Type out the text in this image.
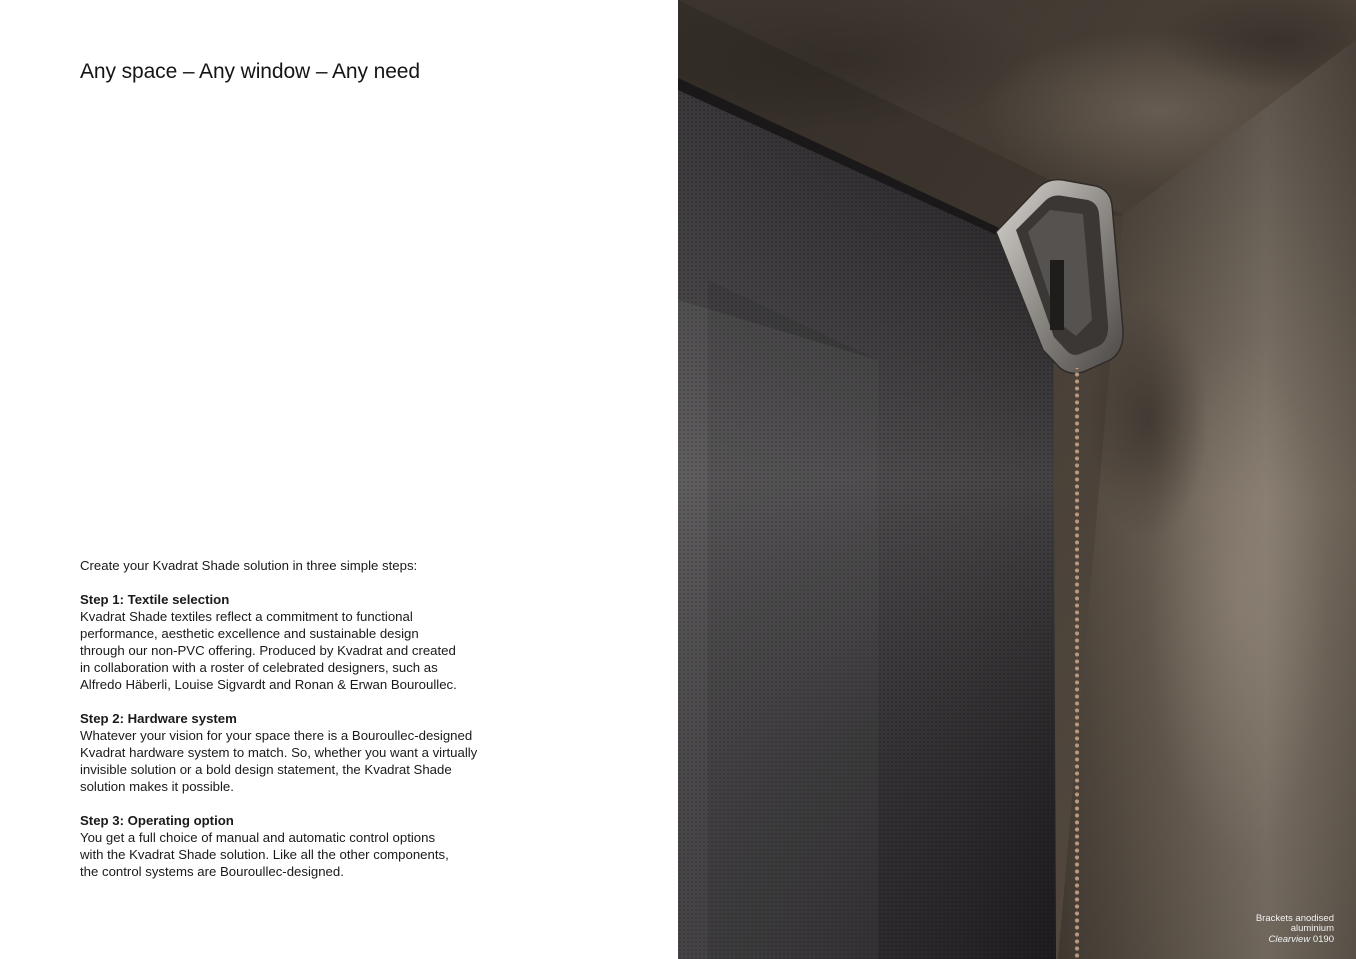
Any space – Any window – Any need

Create your Kvadrat Shade solution in three simple steps:

Step 1: Textile selection
Kvadrat Shade textiles reflect a commitment to functional
performance, aesthetic excellence and sustainable design
through our non-PVC offering. Produced by Kvadrat and created
in collaboration with a roster of celebrated designers, such as
Alfredo Häberli, Louise Sigvardt and Ronan & Erwan Bouroullec.
Step 2: Hardware system
Whatever your vision for your space there is a Bouroullec-designed
Kvadrat hardware system to match. So, whether you want a virtually
invisible solution or a bold design statement, the Kvadrat Shade
solution makes it possible.
Step 3: Operating option
You get a full choice of manual and automatic control options
with the Kvadrat Shade solution. Like all the other components,
the control systems are Bouroullec-designed.
Brackets anodised
aluminium
Clearview 0190
